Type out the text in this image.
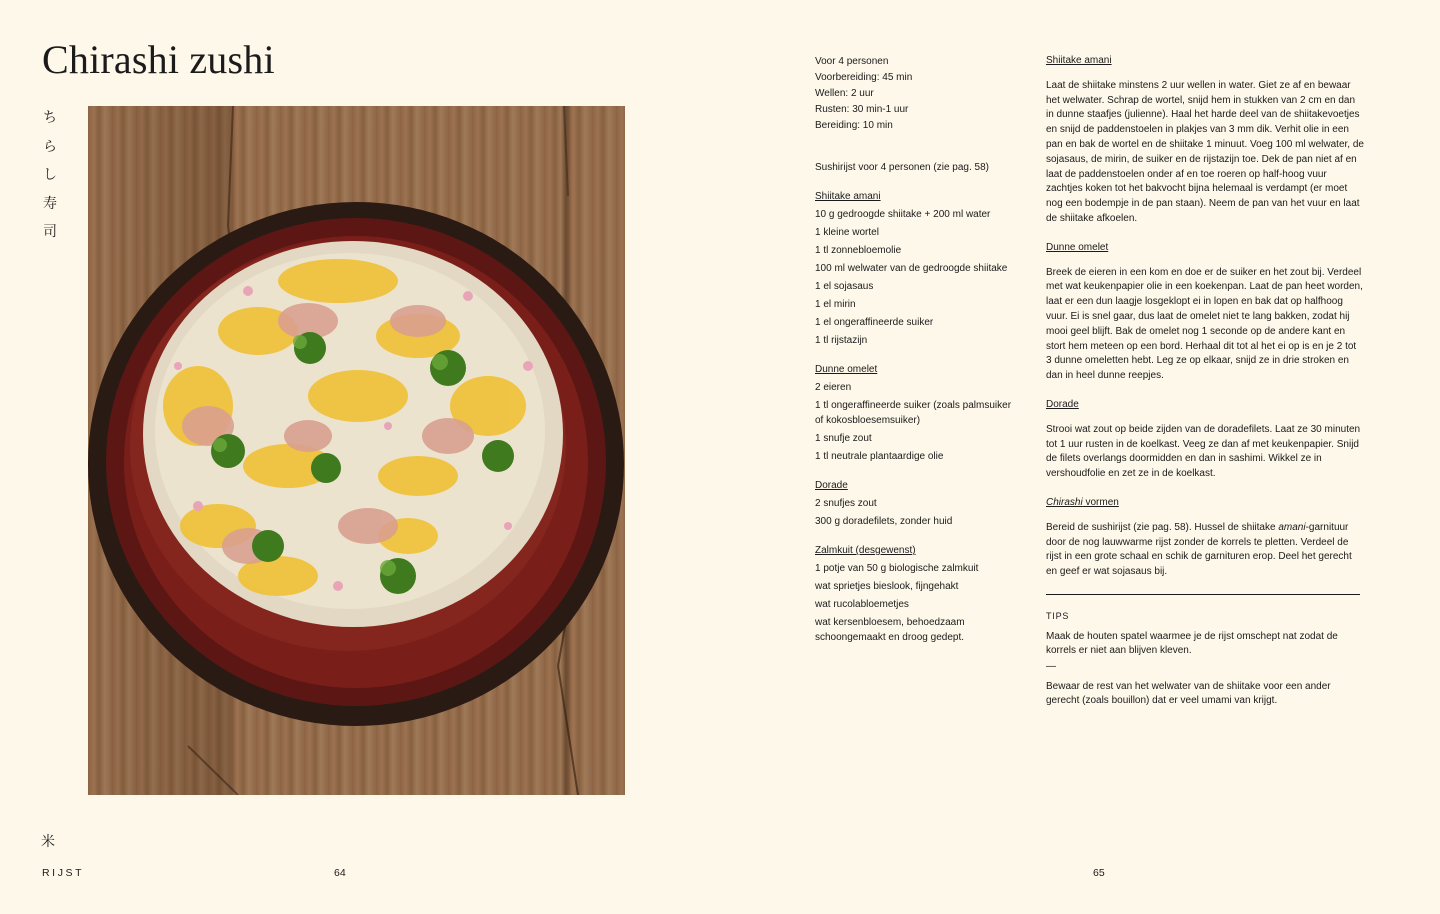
Chirashi zushi
ち
ら
し
寿
司
米
RIJST	64
Voor 4 personen
Voorbereiding: 45 min
Wellen: 2 uur
Rusten: 30 min-1 uur
Bereiding: 10 min
Sushirijst voor 4 personen (zie pag. 58)
Shiitake amani
10 g gedroogde shiitake + 200 ml water
1 kleine wortel
1 tl zonnebloemolie
100 ml welwater van de gedroogde shiitake
1 el sojasaus
1 el mirin
1 el ongeraffineerde suiker
1 tl rijstazijn
Dunne omelet
2 eieren
1 tl ongeraffineerde suiker (zoals palmsuiker of kokosbloesemsuiker)
1 snufje zout
1 tl neutrale plantaardige olie
Dorade
2 snufjes zout
300 g doradefilets, zonder huid
Zalmkuit (desgewenst)
1 potje van 50 g biologische zalmkuit
wat sprietjes bieslook, fijngehakt
wat rucolabloemetjes
wat kersenbloesem, behoedzaam schoongemaakt en droog gedept.
Shiitake amani

Laat de shiitake minstens 2 uur wellen in water. Giet ze af en bewaar het welwater. Schrap de wortel, snijd hem in stukken van 2 cm en dan in dunne staafjes (julienne). Haal het harde deel van de shiitakevoetjes en snijd de paddenstoelen in plakjes van 3 mm dik. Verhit olie in een pan en bak de wortel en de shiitake 1 minuut. Voeg 100 ml welwater, de sojasaus, de mirin, de suiker en de rijstazijn toe. Dek de pan niet af en laat de paddenstoelen onder af en toe roeren op half-hoog vuur zachtjes koken tot het bakvocht bijna helemaal is verdampt (er moet nog een bodempje in de pan staan). Neem de pan van het vuur en laat de shiitake afkoelen.

Dunne omelet

Breek de eieren in een kom en doe er de suiker en het zout bij. Verdeel met wat keukenpapier olie in een koekenpan. Laat de pan heet worden, laat er een dun laagje losgeklopt ei in lopen en bak dat op halfhoog vuur. Ei is snel gaar, dus laat de omelet niet te lang bakken, zodat hij mooi geel blijft. Bak de omelet nog 1 seconde op de andere kant en stort hem meteen op een bord. Herhaal dit tot al het ei op is en je 2 tot 3 dunne omeletten hebt. Leg ze op elkaar, snijd ze in drie stroken en dan in heel dunne reepjes.

Dorade

Strooi wat zout op beide zijden van de doradefilets. Laat ze 30 minuten tot 1 uur rusten in de koelkast. Veeg ze dan af met keukenpapier. Snijd de filets overlangs doormidden en dan in sashimi. Wikkel ze in vershoudfolie en zet ze in de koelkast.

Chirashi vormen

Bereid de sushirijst (zie pag. 58). Hussel de shiitake amani-garnituur door de nog lauwwarme rijst zonder de korrels te pletten. Verdeel de rijst in een grote schaal en schik de garnituren erop. Deel het gerecht en geef er wat sojasaus bij.

TIPS

Maak de houten spatel waarmee je de rijst omschept nat zodat de korrels er niet aan blijven kleven.

—

Bewaar de rest van het welwater van de shiitake voor een ander gerecht (zoals bouillon) dat er veel umami van krijgt.

65
